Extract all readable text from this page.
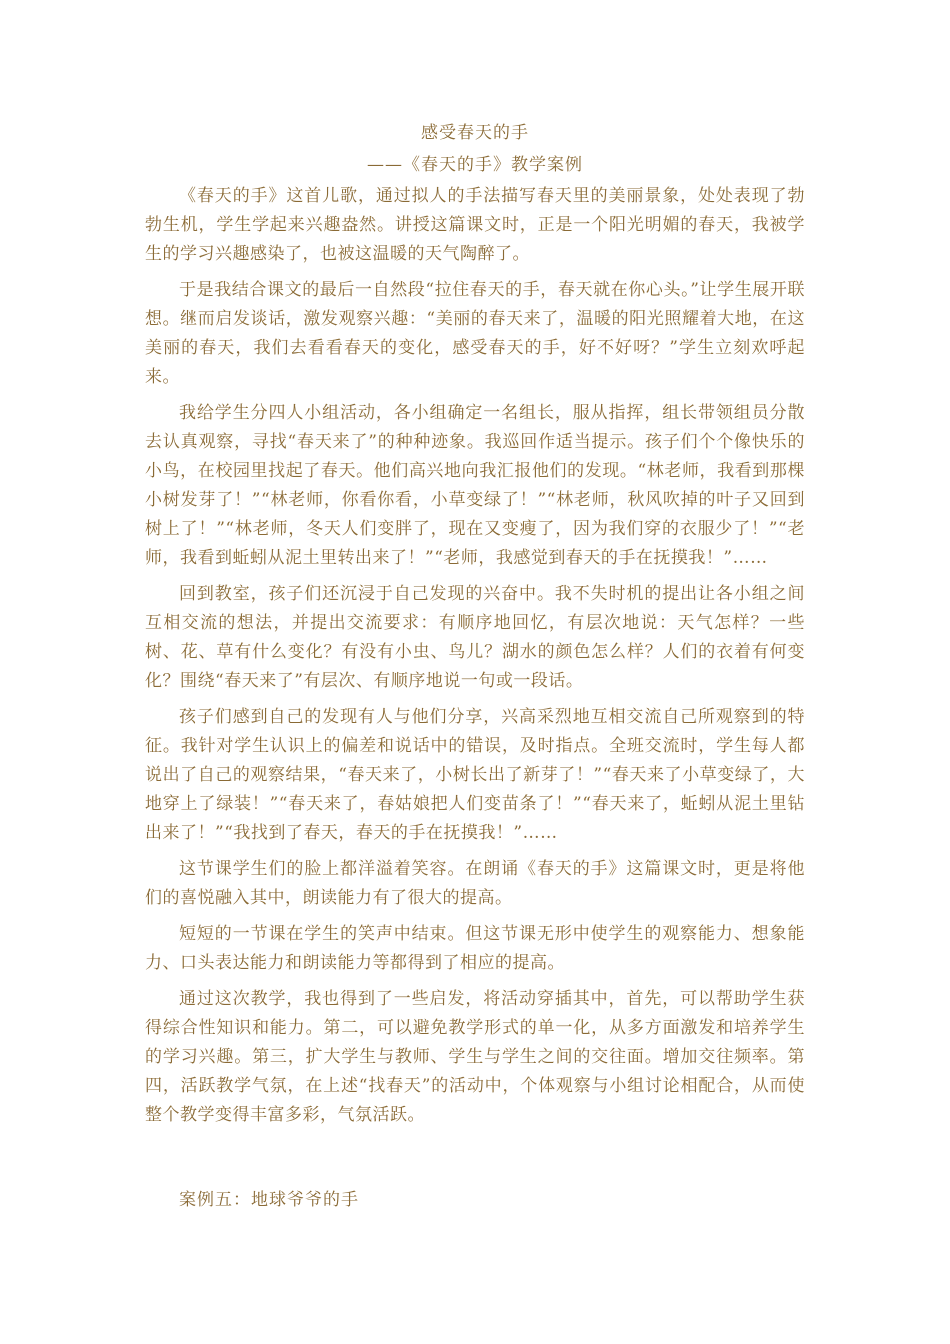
感受春天的手
——《春天的手》教学案例

《春天的手》这首儿歌，通过拟人的手法描写春天里的美丽景象，处处表现了勃勃生机，学生学起来兴趣盎然。讲授这篇课文时，正是一个阳光明媚的春天，我被学生的学习兴趣感染了，也被这温暖的天气陶醉了。

于是我结合课文的最后一自然段“拉住春天的手，春天就在你心头。”让学生展开联想。继而启发谈话，激发观察兴趣：“美丽的春天来了，温暖的阳光照耀着大地，在这美丽的春天，我们去看看春天的变化，感受春天的手，好不好呀？”学生立刻欢呼起来。

我给学生分四人小组活动，各小组确定一名组长，服从指挥，组长带领组员分散去认真观察，寻找“春天来了”的种种迹象。我巡回作适当提示。孩子们个个像快乐的小鸟，在校园里找起了春天。他们高兴地向我汇报他们的发现。“林老师，我看到那棵小树发芽了！”“林老师，你看你看，小草变绿了！”“林老师，秋风吹掉的叶子又回到树上了！”“林老师，冬天人们变胖了，现在又变瘦了，因为我们穿的衣服少了！”“老师，我看到蚯蚓从泥土里转出来了！”“老师，我感觉到春天的手在抚摸我！”……

回到教室，孩子们还沉浸于自己发现的兴奋中。我不失时机的提出让各小组之间互相交流的想法，并提出交流要求：有顺序地回忆，有层次地说：天气怎样？一些树、花、草有什么变化？有没有小虫、鸟儿？湖水的颜色怎么样？人们的衣着有何变化？围绕“春天来了”有层次、有顺序地说一句或一段话。

孩子们感到自己的发现有人与他们分享，兴高采烈地互相交流自己所观察到的特征。我针对学生认识上的偏差和说话中的错误，及时指点。全班交流时，学生每人都说出了自己的观察结果，“春天来了，小树长出了新芽了！”“春天来了小草变绿了，大地穿上了绿装！”“春天来了，春姑娘把人们变苗条了！”“春天来了，蚯蚓从泥土里钻出来了！”“我找到了春天，春天的手在抚摸我！”……

这节课学生们的脸上都洋溢着笑容。在朗诵《春天的手》这篇课文时，更是将他们的喜悦融入其中，朗读能力有了很大的提高。

短短的一节课在学生的笑声中结束。但这节课无形中使学生的观察能力、想象能力、口头表达能力和朗读能力等都得到了相应的提高。

通过这次教学，我也得到了一些启发，将活动穿插其中，首先，可以帮助学生获得综合性知识和能力。第二，可以避免教学形式的单一化，从多方面激发和培养学生的学习兴趣。第三，扩大学生与教师、学生与学生之间的交往面。增加交往频率。第四，活跃教学气氛，在上述“找春天”的活动中，个体观察与小组讨论相配合，从而使整个教学变得丰富多彩，气氛活跃。

案例五：地球爷爷的手
